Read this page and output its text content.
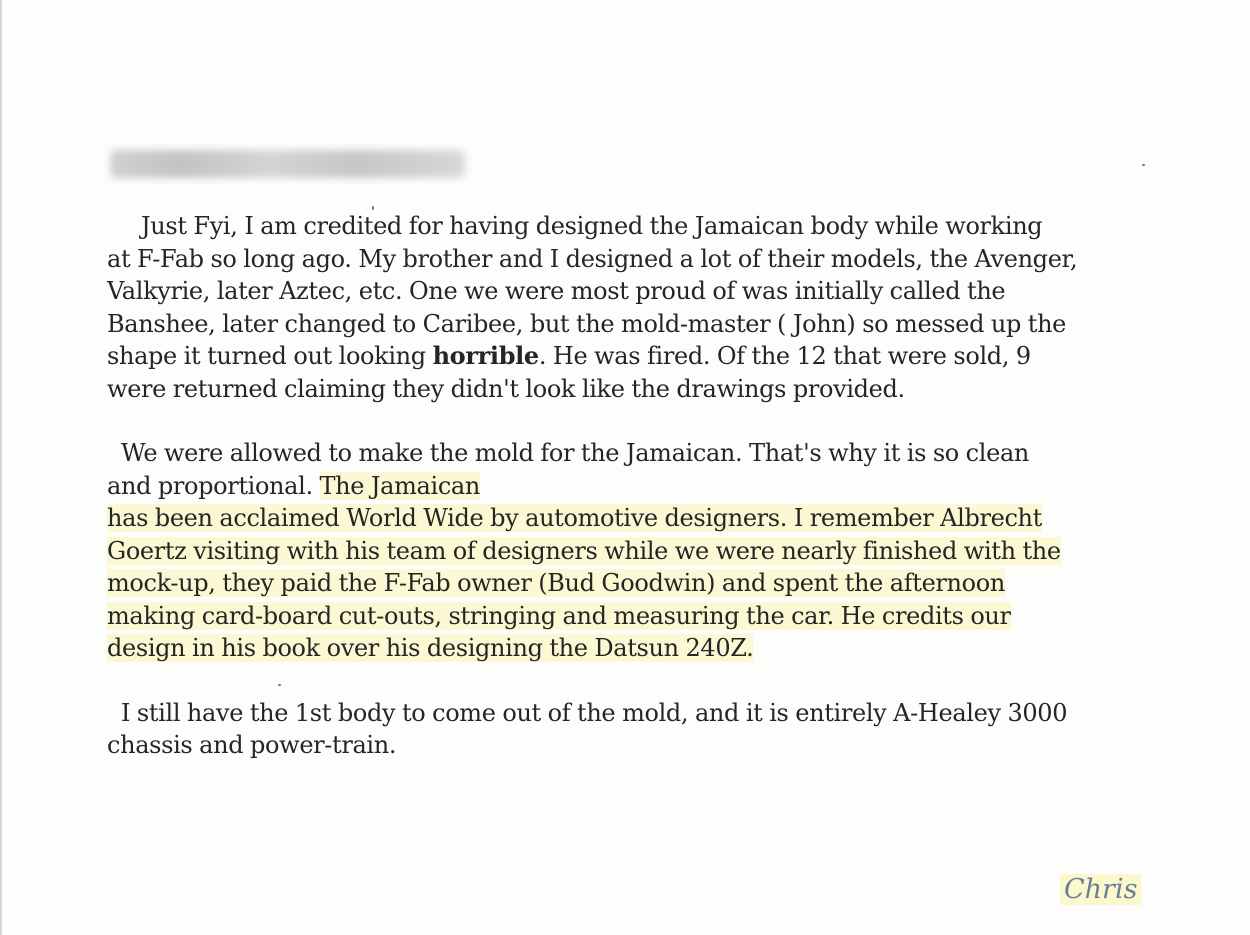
Just Fyi, I am credited for having designed the Jamaican body while working
at F-Fab so long ago. My brother and I designed a lot of their models, the Avenger,
Valkyrie, later Aztec, etc. One we were most proud of was initially called the
Banshee, later changed to Caribee, but the mold-master ( John) so messed up the
shape it turned out looking horrible. He was fired. Of the 12 that were sold, 9
were returned claiming they didn't look like the drawings provided.
We were allowed to make the mold for the Jamaican. That's why it is so clean
and proportional. The Jamaican
has been acclaimed World Wide by automotive designers. I remember Albrecht
Goertz visiting with his team of designers while we were nearly finished with the
mock-up, they paid the F-Fab owner (Bud Goodwin) and spent the afternoon
making card-board cut-outs, stringing and measuring the car. He credits our
design in his book over his designing the Datsun 240Z.
I still have the 1st body to come out of the mold, and it is entirely A-Healey 3000
chassis and power-train.
Chris
